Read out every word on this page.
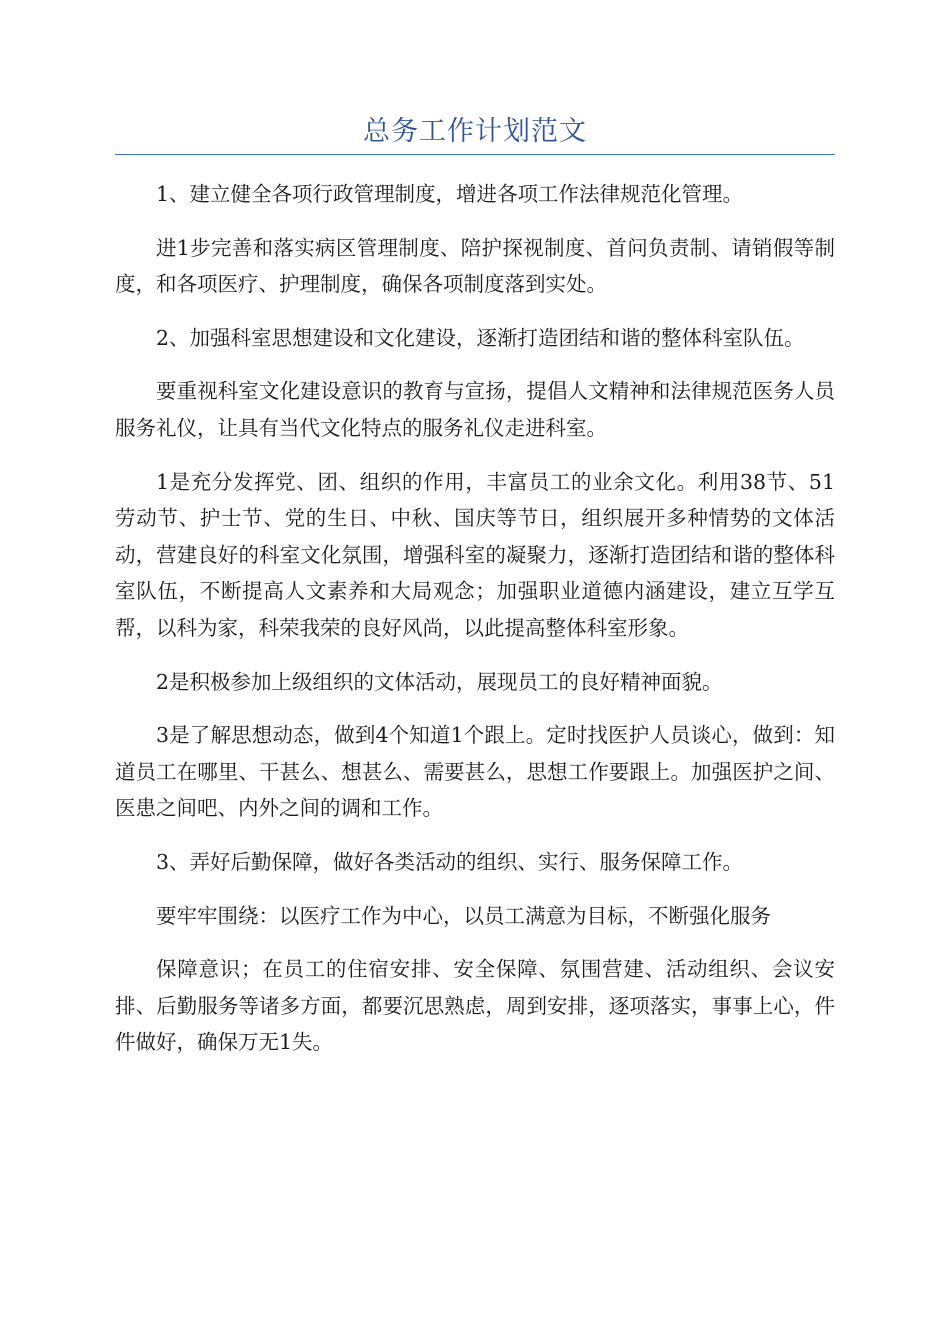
总务工作计划范文

1、建立健全各项行政管理制度，增进各项工作法律规范化管理。

进1步完善和落实病区管理制度、陪护探视制度、首问负责制、请销假等制度，和各项医疗、护理制度，确保各项制度落到实处。

2、加强科室思想建设和文化建设，逐渐打造团结和谐的整体科室队伍。

要重视科室文化建设意识的教育与宣扬，提倡人文精神和法律规范医务人员服务礼仪，让具有当代文化特点的服务礼仪走进科室。

1是充分发挥党、团、组织的作用，丰富员工的业余文化。利用38节、51劳动节、护士节、党的生日、中秋、国庆等节日，组织展开多种情势的文体活动，营建良好的科室文化氛围，增强科室的凝聚力，逐渐打造团结和谐的整体科室队伍，不断提高人文素养和大局观念；加强职业道德内涵建设，建立互学互帮，以科为家，科荣我荣的良好风尚，以此提高整体科室形象。

2是积极参加上级组织的文体活动，展现员工的良好精神面貌。

3是了解思想动态，做到4个知道1个跟上。定时找医护人员谈心，做到：知道员工在哪里、干甚么、想甚么、需要甚么，思想工作要跟上。加强医护之间、医患之间吧、内外之间的调和工作。

3、弄好后勤保障，做好各类活动的组织、实行、服务保障工作。

要牢牢围绕：以医疗工作为中心，以员工满意为目标，不断强化服务

保障意识；在员工的住宿安排、安全保障、氛围营建、活动组织、会议安排、后勤服务等诸多方面，都要沉思熟虑，周到安排，逐项落实，事事上心，件件做好，确保万无1失。
